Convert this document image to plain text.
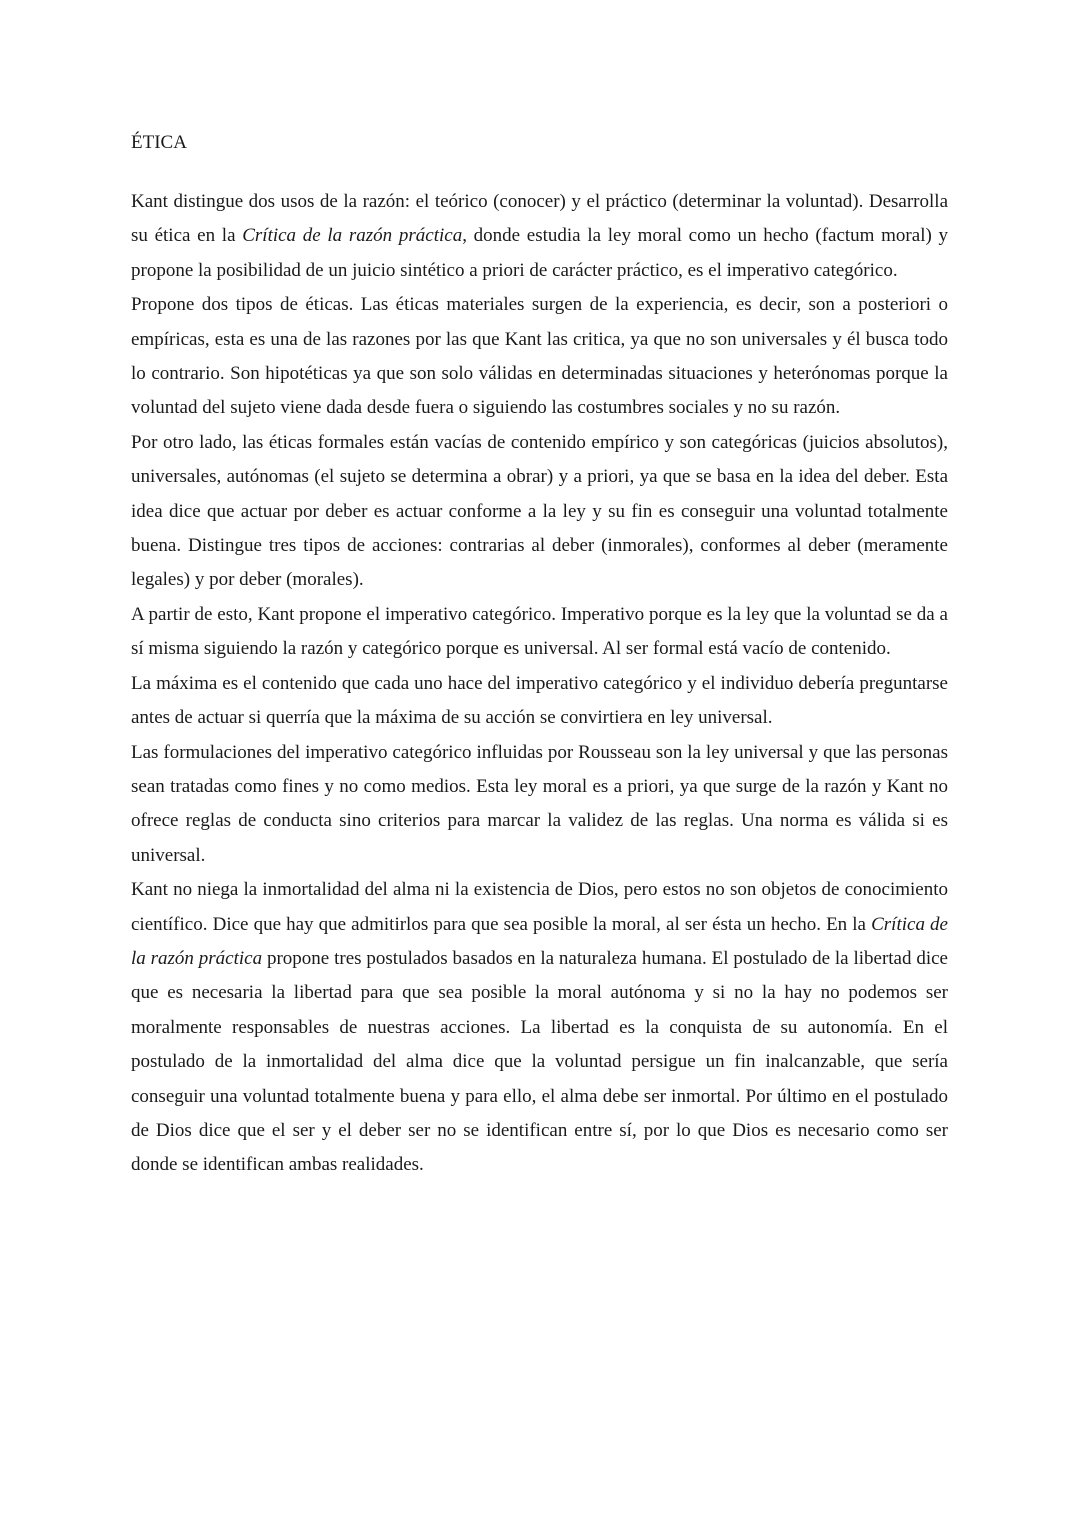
ÉTICA

Kant distingue dos usos de la razón: el teórico (conocer) y el práctico (determinar la voluntad). Desarrolla su ética en la Crítica de la razón práctica, donde estudia la ley moral como un hecho (factum moral) y propone la posibilidad de un juicio sintético a priori de carácter práctico, es el imperativo categórico.

Propone dos tipos de éticas. Las éticas materiales surgen de la experiencia, es decir, son a posteriori o empíricas, esta es una de las razones por las que Kant las critica, ya que no son universales y él busca todo lo contrario. Son hipotéticas ya que son solo válidas en determinadas situaciones y heterónomas porque la voluntad del sujeto viene dada desde fuera o siguiendo las costumbres sociales y no su razón.

Por otro lado, las éticas formales están vacías de contenido empírico y son categóricas (juicios absolutos), universales, autónomas (el sujeto se determina a obrar) y a priori, ya que se basa en la idea del deber. Esta idea dice que actuar por deber es actuar conforme a la ley y su fin es conseguir una voluntad totalmente buena. Distingue tres tipos de acciones: contrarias al deber (inmorales), conformes al deber (meramente legales) y por deber (morales).

A partir de esto, Kant propone el imperativo categórico. Imperativo porque es la ley que la voluntad se da a sí misma siguiendo la razón y categórico porque es universal. Al ser formal está vacío de contenido.

La máxima es el contenido que cada uno hace del imperativo categórico y el individuo debería preguntarse antes de actuar si querría que la máxima de su acción se convirtiera en ley universal.

Las formulaciones del imperativo categórico influidas por Rousseau son la ley universal y que las personas sean tratadas como fines y no como medios. Esta ley moral es a priori, ya que surge de la razón y Kant no ofrece reglas de conducta sino criterios para marcar la validez de las reglas. Una norma es válida si es universal.

Kant no niega la inmortalidad del alma ni la existencia de Dios, pero estos no son objetos de conocimiento científico. Dice que hay que admitirlos para que sea posible la moral, al ser ésta un hecho. En la Crítica de la razón práctica propone tres postulados basados en la naturaleza humana. El postulado de la libertad dice que es necesaria la libertad para que sea posible la moral autónoma y si no la hay no podemos ser moralmente responsables de nuestras acciones. La libertad es la conquista de su autonomía. En el postulado de la inmortalidad del alma dice que la voluntad persigue un fin inalcanzable, que sería conseguir una voluntad totalmente buena y para ello, el alma debe ser inmortal. Por último en el postulado de Dios dice que el ser y el deber ser no se identifican entre sí, por lo que Dios es necesario como ser donde se identifican ambas realidades.
